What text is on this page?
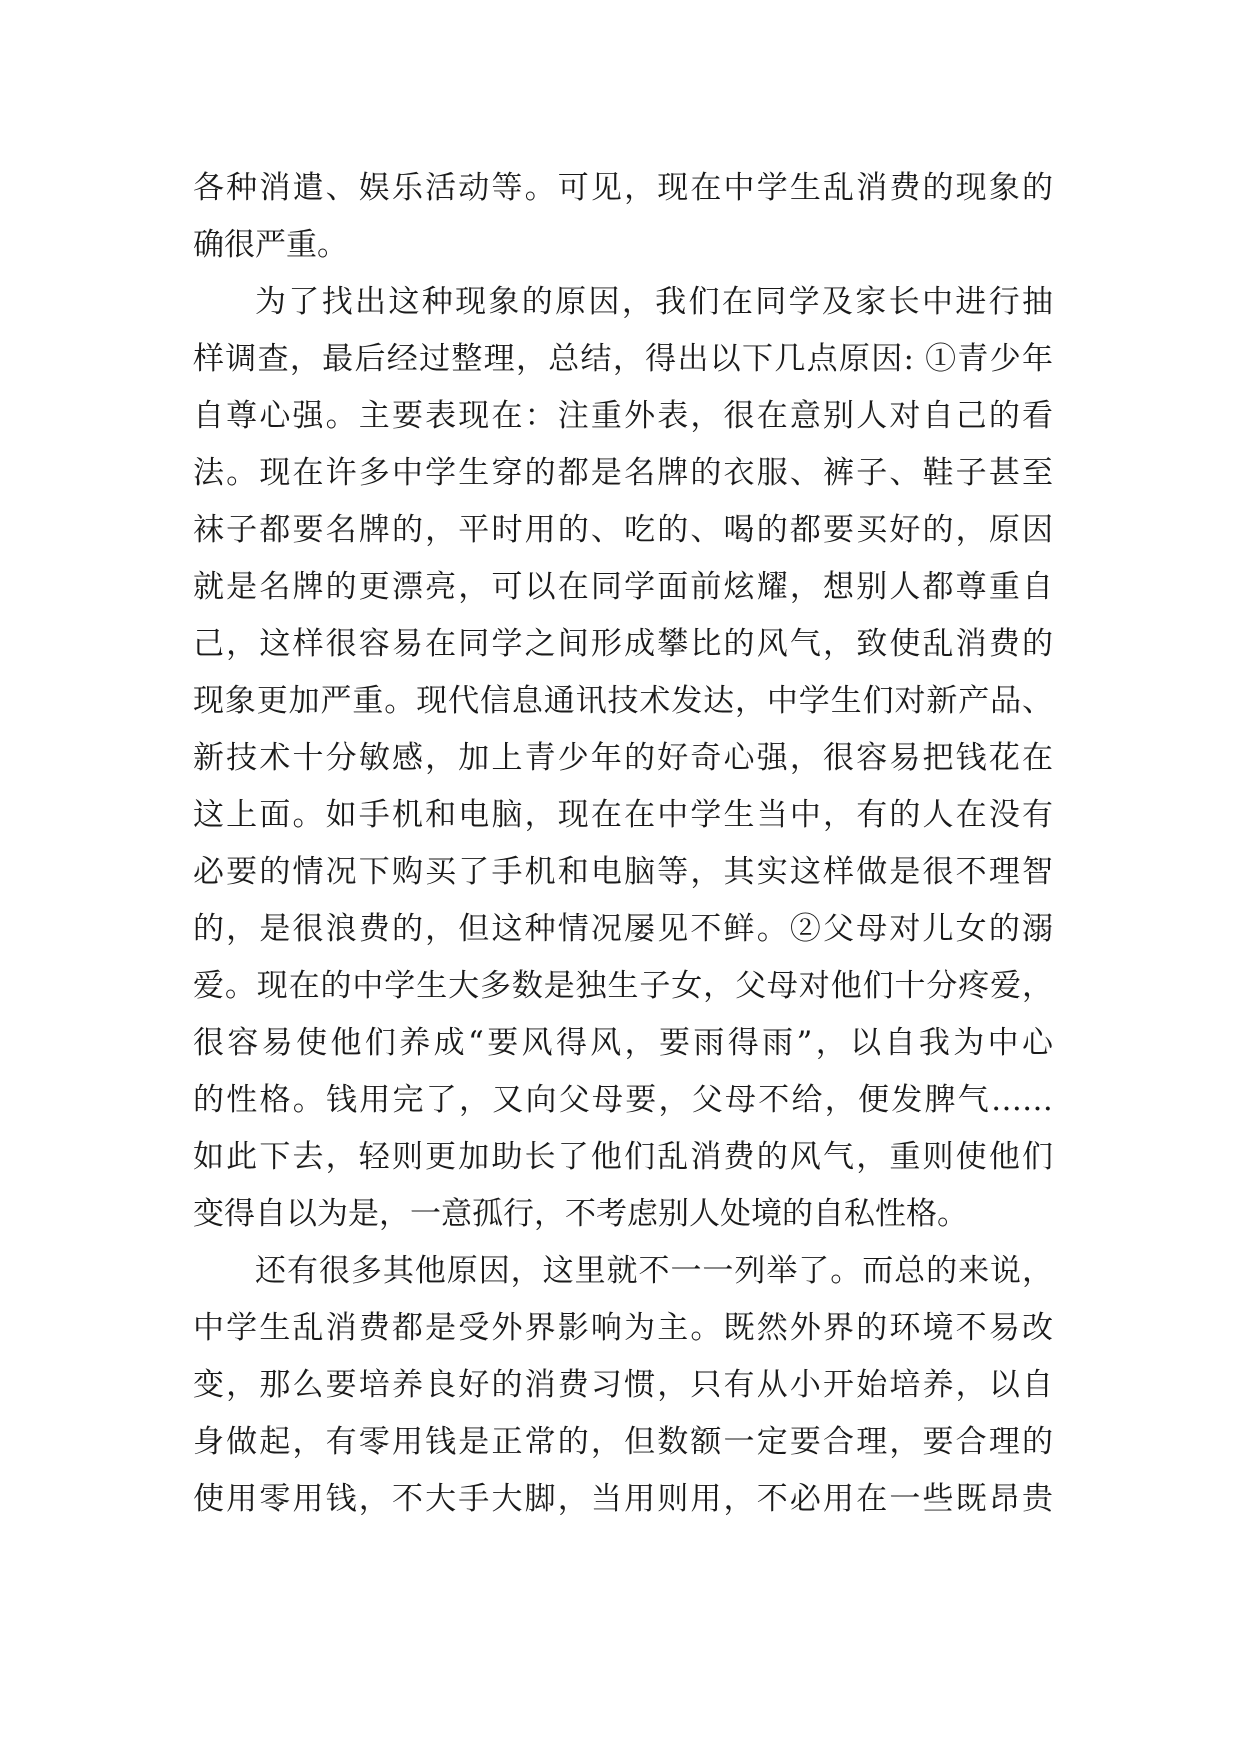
各种消遣、娱乐活动等。可见，现在中学生乱消费的现象的
确很严重。
为了找出这种现象的原因，我们在同学及家长中进行抽
样调查，最后经过整理，总结，得出以下几点原因: ①青少年
自尊心强。主要表现在：注重外表，很在意别人对自己的看
法。现在许多中学生穿的都是名牌的衣服、裤子、鞋子甚至
袜子都要名牌的，平时用的、吃的、喝的都要买好的，原因
就是名牌的更漂亮，可以在同学面前炫耀，想别人都尊重自
己，这样很容易在同学之间形成攀比的风气，致使乱消费的
现象更加严重。现代信息通讯技术发达，中学生们对新产品、
新技术十分敏感，加上青少年的好奇心强，很容易把钱花在
这上面。如手机和电脑，现在在中学生当中，有的人在没有
必要的情况下购买了手机和电脑等，其实这样做是很不理智
的，是很浪费的，但这种情况屡见不鲜。②父母对儿女的溺
爱。现在的中学生大多数是独生子女，父母对他们十分疼爱，
很容易使他们养成“要风得风，要雨得雨”，以自我为中心
的性格。钱用完了，又向父母要，父母不给，便发脾气……
如此下去，轻则更加助长了他们乱消费的风气，重则使他们
变得自以为是，一意孤行，不考虑别人处境的自私性格。
还有很多其他原因，这里就不一一列举了。而总的来说，
中学生乱消费都是受外界影响为主。既然外界的环境不易改
变，那么要培养良好的消费习惯，只有从小开始培养，以自
身做起，有零用钱是正常的，但数额一定要合理，要合理的
使用零用钱，不大手大脚，当用则用，不必用在一些既昂贵
